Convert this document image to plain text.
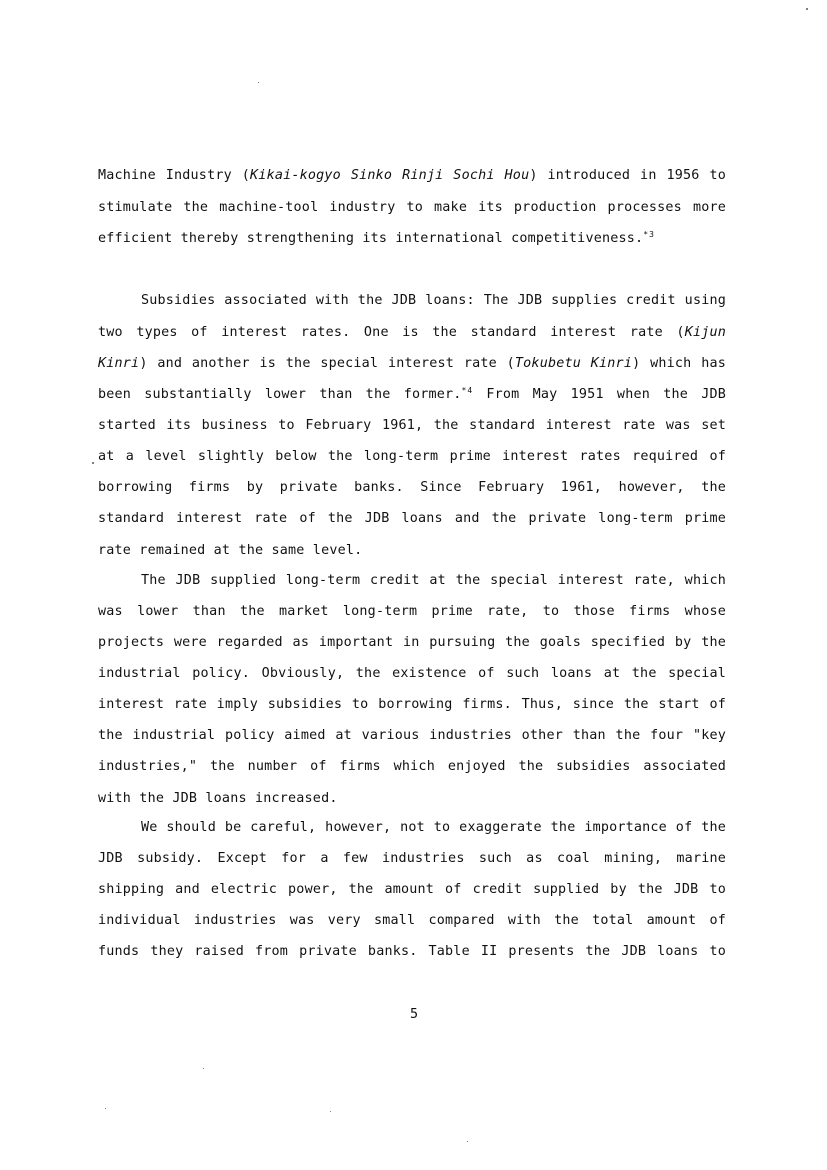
Machine Industry (Kikai-kogyo Sinko Rinji Sochi Hou) introduced in 1956 to
stimulate the machine-tool industry to make its production processes more
efficient thereby strengthening its international competitiveness.$^{*3}$
Subsidies associated with the JDB loans: The JDB supplies credit using
two types of interest rates. One is the standard interest rate (Kijun
Kinri) and another is the special interest rate (Tokubetu Kinri) which has
been substantially lower than the former.$^{*4}$ From May 1951 when the JDB
started its business to February 1961, the standard interest rate was set
at a level slightly below the long-term prime interest rates required of
borrowing firms by private banks. Since February 1961, however, the
standard interest rate of the JDB loans and the private long-term prime
rate remained at the same level.
The JDB supplied long-term credit at the special interest rate, which
was lower than the market long-term prime rate, to those firms whose
projects were regarded as important in pursuing the goals specified by the
industrial policy. Obviously, the existence of such loans at the special
interest rate imply subsidies to borrowing firms. Thus, since the start of
the industrial policy aimed at various industries other than the four "key
industries," the number of firms which enjoyed the subsidies associated
with the JDB loans increased.
We should be careful, however, not to exaggerate the importance of the
JDB subsidy. Except for a few industries such as coal mining, marine
shipping and electric power, the amount of credit supplied by the JDB to
individual industries was very small compared with the total amount of
funds they raised from private banks. Table II presents the JDB loans to
5
